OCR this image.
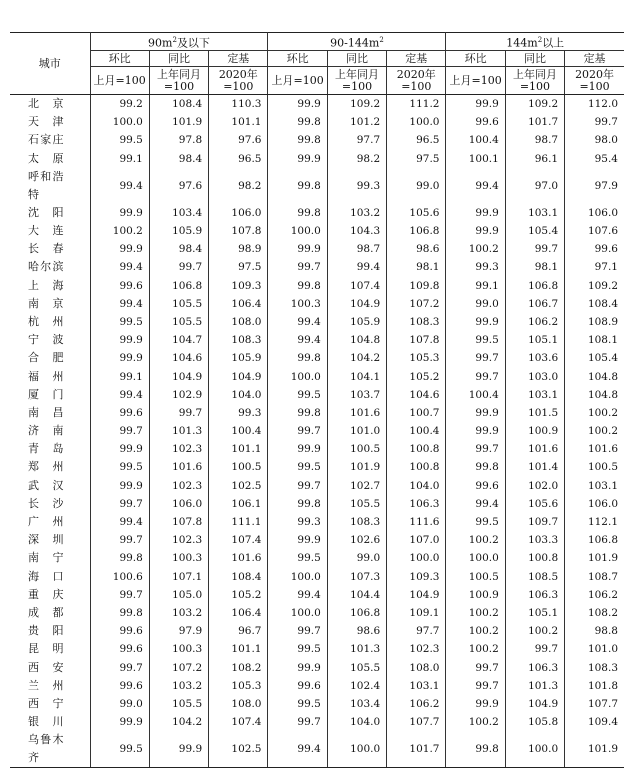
城市	$90m^2$及以下			$90-144m^2$			$144m^2$以上		
	环比	同比	定基	环比	同比	定基	环比	同比	定基
	上月=100	上年同月=100	2020年=100	上月=100	上年同月=100	2020年=100	上月=100	上年同月=100	2020年=100
北京	99.2	108.4	110.3	99.9	109.2	111.2	99.9	109.2	112.0
天津	100.0	101.9	101.1	99.8	101.2	100.0	99.6	101.7	99.7
石家庄	99.5	97.8	97.6	99.8	97.7	96.5	100.4	98.7	98.0
太原	99.1	98.4	96.5	99.9	98.2	97.5	100.1	96.1	95.4
呼和浩特	99.4	97.6	98.2	99.8	99.3	99.0	99.4	97.0	97.9
沈阳	99.9	103.4	106.0	99.8	103.2	105.6	99.9	103.1	106.0
大连	100.2	105.9	107.8	100.0	104.3	106.8	99.9	105.4	107.6
长春	99.9	98.4	98.9	99.9	98.7	98.6	100.2	99.7	99.6
哈尔滨	99.4	99.7	97.5	99.7	99.4	98.1	99.3	98.1	97.1
上海	99.6	106.8	109.3	99.8	107.4	109.8	99.1	106.8	109.2
南京	99.4	105.5	106.4	100.3	104.9	107.2	99.0	106.7	108.4
杭州	99.5	105.5	108.0	99.4	105.9	108.3	99.9	106.2	108.9
宁波	99.9	104.7	108.3	99.4	104.8	107.8	99.5	105.1	108.1
合肥	99.9	104.6	105.9	99.8	104.2	105.3	99.7	103.6	105.4
福州	99.1	104.9	104.9	100.0	104.1	105.2	99.7	103.0	104.8
厦门	99.4	102.9	104.0	99.5	103.7	104.6	100.4	103.1	104.8
南昌	99.6	99.7	99.3	99.8	101.6	100.7	99.9	101.5	100.2
济南	99.7	101.3	100.4	99.7	101.0	100.4	99.9	100.9	100.2
青岛	99.9	102.3	101.1	99.9	100.5	100.8	99.7	101.6	101.6
郑州	99.5	101.6	100.5	99.5	101.9	100.8	99.8	101.4	100.5
武汉	99.9	102.3	102.5	99.7	102.7	104.0	99.6	102.0	103.1
长沙	99.7	106.0	106.1	99.8	105.5	106.3	99.4	105.6	106.0
广州	99.4	107.8	111.1	99.3	108.3	111.6	99.5	109.7	112.1
深圳	99.7	102.3	107.4	99.9	102.6	107.0	100.2	103.3	106.8
南宁	99.8	100.3	101.6	99.5	99.0	100.0	100.0	100.8	101.9
海口	100.6	107.1	108.4	100.0	107.3	109.3	100.5	108.5	108.7
重庆	99.7	105.0	105.2	99.4	104.4	104.9	100.9	106.3	106.2
成都	99.8	103.2	106.4	100.0	106.8	109.1	100.2	105.1	108.2
贵阳	99.6	97.9	96.7	99.7	98.6	97.7	100.2	100.2	98.8
昆明	99.6	100.3	101.1	99.5	101.3	102.3	100.2	99.7	101.0
西安	99.7	107.2	108.2	99.9	105.5	108.0	99.7	106.3	108.3
兰州	99.6	103.2	105.3	99.6	102.4	103.1	99.7	101.3	101.8
西宁	99.0	105.5	108.0	99.5	103.4	106.2	99.9	104.9	107.7
银川	99.9	104.2	107.4	99.7	104.0	107.7	100.2	105.8	109.4
乌鲁木齐	99.5	99.9	102.5	99.4	100.0	101.7	99.8	100.0	101.9
